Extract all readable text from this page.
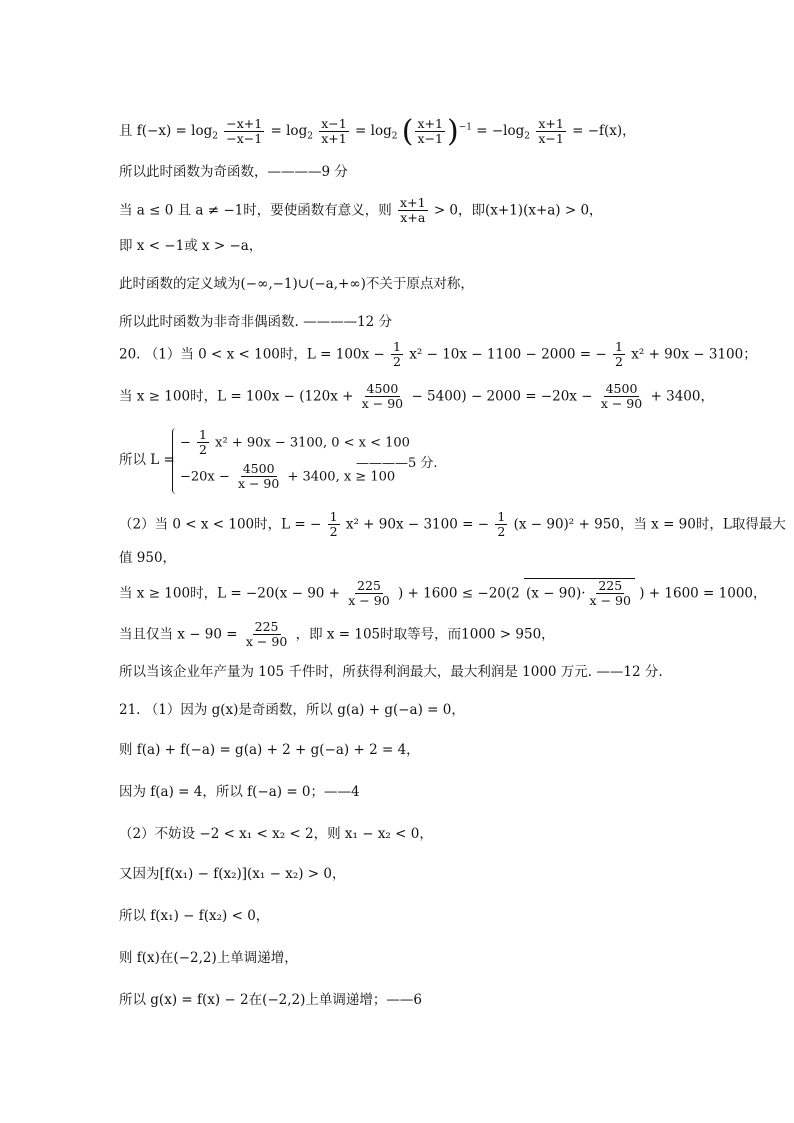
且 $f(-x) = \log_2 \frac{-x+1}{-x-1} = \log_2 \frac{x-1}{x+1} = \log_2$ ( $\frac{x+1}{x-1} )^{-1} = -\log_2 \frac{x+1}{x-1} = -f(x)$，
所以此时函数为奇函数，————9 分
当 a ≤ 0 且 a ≠ −1时，要使函数有意义，则 $\frac{x+1}{x+a} > 0$，即(x+1)(x+a) > 0，
即 x < −1或 x > −a，
此时函数的定义域为(−∞,−1)∪(−a,+∞)不关于原点对称，
所以此时函数为非奇非偶函数. ————12 分
20. （1）当 0 < x < 100时，$L = 100x - \frac{1}{2} x^2 - 10x - 1100 - 2000$ = − $\frac{1}{2} x^2 + 90x - 3100$；
当 x ≥ 100时，$L = 100x - (120x + \frac{4500}{x - 90} - 5400) - 2000 = -20x - \frac{4500}{x - 90} + 3400$，
所以 L =
− $\frac{1}{2} x^2 + 90x - 3100$, 0 < x < 100
$-20x - \frac{4500}{x - 90} + 3400$, x ≥ 100
————5 分.
（2）当 0 < x < 100时，L = − $\frac{1}{2} x^2 + 90x - 3100$ = − $\frac{1}{2} (x - 90)^2 + 950$，当 x = 90时，L取得最大
值 950，
当 x ≥ 100时，$L = -20(x - 90 + \frac{225}{x - 90}$ ) + 1600 ≤ −20(2 $(x - 90)\cdot \frac{225}{x - 90}$ ) + 1600 = 1000，
当且仅当 $x - 90 = \frac{225}{x - 90}$ ，即 x = 105时取等号，而1000 > 950，
所以当该企业年产量为 105 千件时，所获得利润最大，最大利润是 1000 万元. ——12 分.
21. （1）因为 g(x)是奇函数，所以 g(a) + g(−a) = 0，
则 f(a) + f(−a) = g(a) + 2 + g(−a) + 2 = 4，
因为 f(a) = 4，所以 f(−a) = 0；——4
（2）不妨设 −2 < x₁ < x₂ < 2，则 x₁ − x₂ < 0，
又因为[f(x₁) − f(x₂)](x₁ − x₂) > 0，
所以 f(x₁) − f(x₂) < 0，
则 f(x)在(−2,2)上单调递增，
所以 g(x) = f(x) − 2在(−2,2)上单调递增；——6
